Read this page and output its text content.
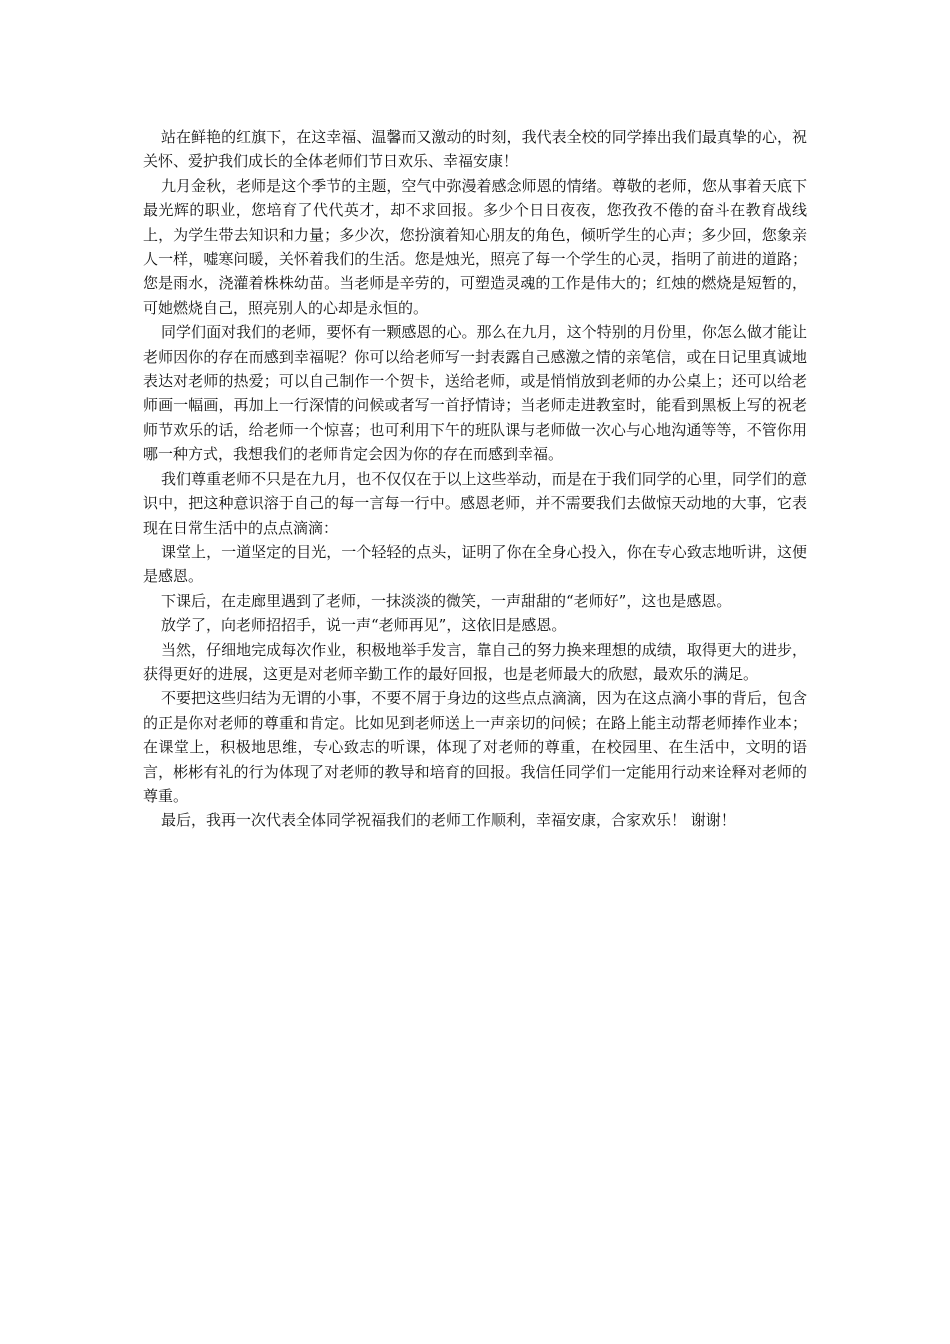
站在鲜艳的红旗下，在这幸福、温馨而又激动的时刻，我代表全校的同学捧出我们最真挚的心，祝关怀、爱护我们成长的全体老师们节日欢乐、幸福安康！

九月金秋，老师是这个季节的主题，空气中弥漫着感念师恩的情绪。尊敬的老师，您从事着天底下最光辉的职业，您培育了代代英才，却不求回报。多少个日日夜夜，您孜孜不倦的奋斗在教育战线上，为学生带去知识和力量；多少次，您扮演着知心朋友的角色，倾听学生的心声；多少回，您象亲人一样，嘘寒问暖，关怀着我们的生活。您是烛光，照亮了每一个学生的心灵，指明了前进的道路；您是雨水，浇灌着株株幼苗。当老师是辛劳的，可塑造灵魂的工作是伟大的；红烛的燃烧是短暂的，可她燃烧自己，照亮别人的心却是永恒的。

同学们面对我们的老师，要怀有一颗感恩的心。那么在九月，这个特别的月份里，你怎么做才能让老师因你的存在而感到幸福呢？你可以给老师写一封表露自己感激之情的亲笔信，或在日记里真诚地表达对老师的热爱；可以自己制作一个贺卡，送给老师，或是悄悄放到老师的办公桌上；还可以给老师画一幅画，再加上一行深情的问候或者写一首抒情诗；当老师走进教室时，能看到黑板上写的祝老师节欢乐的话，给老师一个惊喜；也可利用下午的班队课与老师做一次心与心地沟通等等，不管你用哪一种方式，我想我们的老师肯定会因为你的存在而感到幸福。

我们尊重老师不只是在九月，也不仅仅在于以上这些举动，而是在于我们同学的心里，同学们的意识中，把这种意识溶于自己的每一言每一行中。感恩老师，并不需要我们去做惊天动地的大事，它表现在日常生活中的点点滴滴：

课堂上，一道坚定的目光，一个轻轻的点头，证明了你在全身心投入，你在专心致志地听讲，这便是感恩。

下课后，在走廊里遇到了老师，一抹淡淡的微笑，一声甜甜的“老师好”，这也是感恩。

放学了，向老师招招手，说一声“老师再见”，这依旧是感恩。

当然，仔细地完成每次作业，积极地举手发言，靠自己的努力换来理想的成绩，取得更大的进步，获得更好的进展，这更是对老师辛勤工作的最好回报，也是老师最大的欣慰，最欢乐的满足。

不要把这些归结为无谓的小事，不要不屑于身边的这些点点滴滴，因为在这点滴小事的背后，包含的正是你对老师的尊重和肯定。比如见到老师送上一声亲切的问候；在路上能主动帮老师捧作业本；在课堂上，积极地思维，专心致志的听课，体现了对老师的尊重，在校园里、在生活中，文明的语言，彬彬有礼的行为体现了对老师的教导和培育的回报。我信任同学们一定能用行动来诠释对老师的尊重。

最后，我再一次代表全体同学祝福我们的老师工作顺利，幸福安康，合家欢乐！ 谢谢！
